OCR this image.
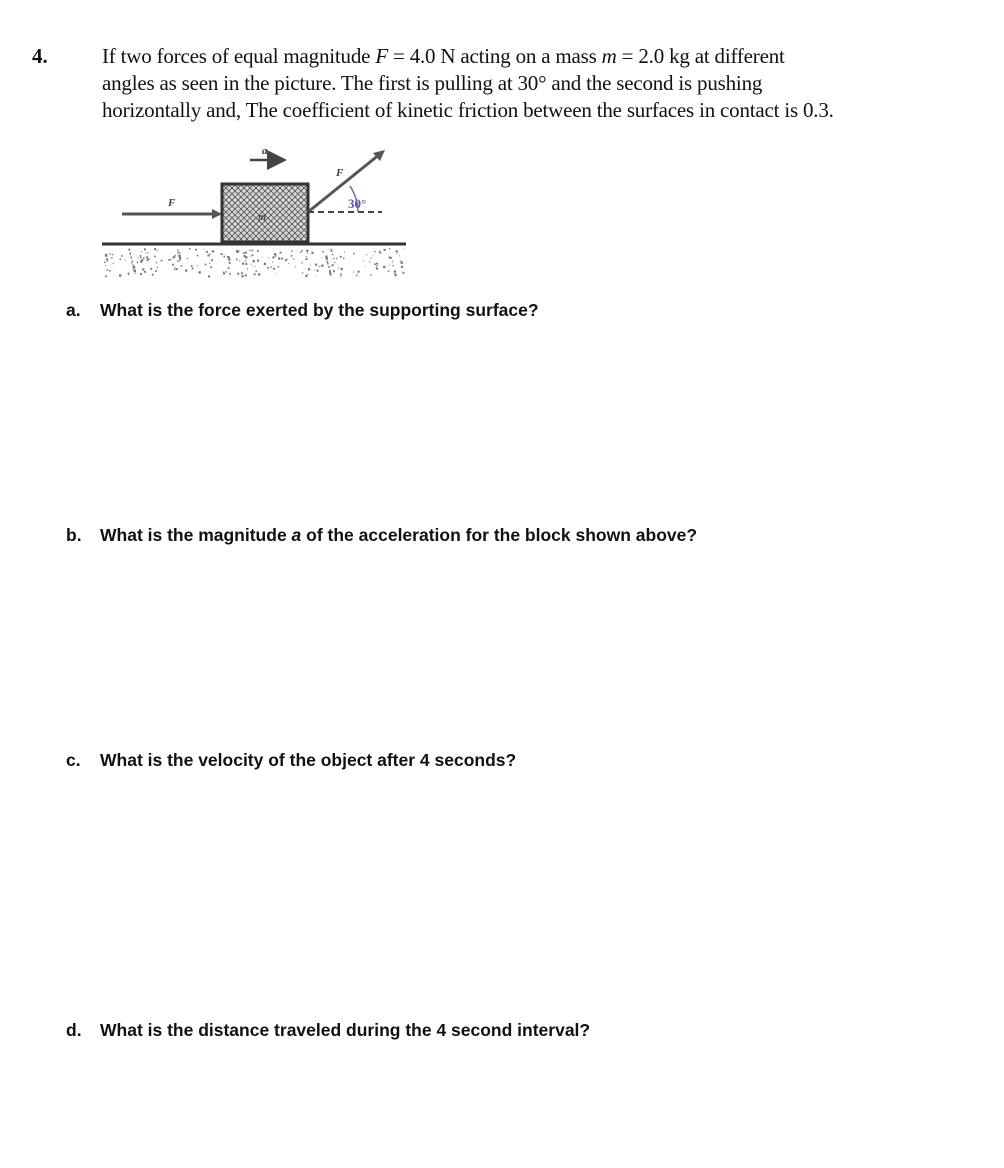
4.	If two forces of equal magnitude F = 4.0 N acting on a mass m = 2.0 kg at different
angles as seen in the picture. The first is pulling at 30° and the second is pushing
horizontally and, The coefficient of kinetic friction between the surfaces in contact is 0.3.
a
F
m
F
30°
a. What is the force exerted by the supporting surface?
b. What is the magnitude a of the acceleration for the block shown above?
c. What is the velocity of the object after 4 seconds?
d. What is the distance traveled during the 4 second interval?
